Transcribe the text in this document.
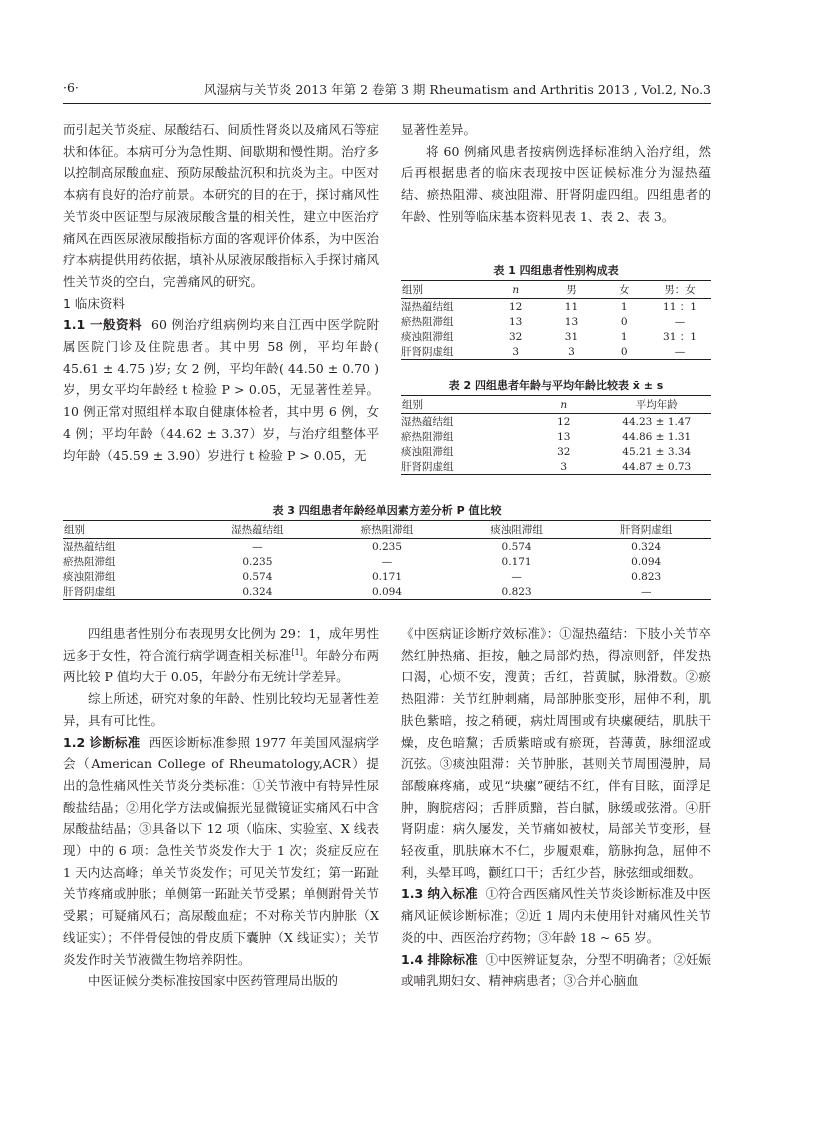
·6·	风湿病与关节炎 2013 年第 2 卷第 3 期 Rheumatism and Arthritis 2013 , Vol.2, No.3

而引起关节炎症、尿酸结石、间质性肾炎以及痛风石等症状和体征。本病可分为急性期、间歇期和慢性期。治疗多以控制高尿酸血症、预防尿酸盐沉积和抗炎为主。中医对本病有良好的治疗前景。本研究的目的在于，探讨痛风性关节炎中医证型与尿液尿酸含量的相关性，建立中医治疗痛风在西医尿液尿酸指标方面的客观评价体系，为中医治疗本病提供用药依据，填补从尿液尿酸指标入手探讨痛风性关节炎的空白，完善痛风的研究。

1 临床资料

1.1 一般资料 60 例治疗组病例均来自江西中医学院附属医院门诊及住院患者。其中男 58 例，平均年龄( 45.61 ± 4.75 )岁; 女 2 例，平均年龄( 44.50 ± 0.70 )岁，男女平均年龄经 t 检验 P > 0.05，无显著性差异。10 例正常对照组样本取自健康体检者，其中男 6 例，女 4 例；平均年龄（44.62 ± 3.37）岁，与治疗组整体平均年龄（45.59 ± 3.90）岁进行 t 检验 P > 0.05，无

显著性差异。

将 60 例痛风患者按病例选择标准纳入治疗组，然后再根据患者的临床表现按中医证候标准分为湿热蕴结、瘀热阻滞、痰浊阻滞、肝肾阴虚四组。四组患者的年龄、性别等临床基本资料见表 1、表 2、表 3。

表 1 四组患者性别构成表
组别	n	男	女	男：女
湿热蕴结组	12	11	1	11 ：1
瘀热阻滞组	13	13	0	—
痰浊阻滞组	32	31	1	31 ：1
肝肾阴虚组	3	3	0	—
表 2 四组患者年龄与平均年龄比较表 x̄ ± s
组别	n	平均年龄
湿热蕴结组	12	44.23 ± 1.47
瘀热阻滞组	13	44.86 ± 1.31
痰浊阻滞组	32	45.21 ± 3.34
肝肾阴虚组	3	44.87 ± 0.73
表 3 四组患者年龄经单因素方差分析 P 值比较
组别	湿热蕴结组	瘀热阻滞组	痰浊阻滞组	肝肾阴虚组
湿热蕴结组	—	0.235	0.574	0.324
瘀热阻滞组	0.235	—	0.171	0.094
痰浊阻滞组	0.574	0.171	—	0.823
肝肾阴虚组	0.324	0.094	0.823	—

四组患者性别分布表现男女比例为 29：1，成年男性远多于女性，符合流行病学调查相关标准[1]。年龄分布两两比较 P 值均大于 0.05，年龄分布无统计学差异。

综上所述，研究对象的年龄、性别比较均无显著性差异，具有可比性。

1.2 诊断标准 西医诊断标准参照 1977 年美国风湿病学会（American College of Rheumatology,ACR）提出的急性痛风性关节炎分类标准：①关节液中有特异性尿酸盐结晶；②用化学方法或偏振光显微镜证实痛风石中含尿酸盐结晶；③具备以下 12 项（临床、实验室、X 线表现）中的 6 项：急性关节炎发作大于 1 次；炎症反应在 1 天内达高峰；单关节炎发作；可见关节发红；第一跖趾关节疼痛或肿胀；单侧第一跖趾关节受累；单侧跗骨关节受累；可疑痛风石；高尿酸血症；不对称关节内肿胀（X 线证实）；不伴骨侵蚀的骨皮质下囊肿（X 线证实）；关节炎发作时关节液微生物培养阴性。

中医证候分类标准按国家中医药管理局出版的

《中医病证诊断疗效标准》：①湿热蕴结：下肢小关节卒然红肿热痛、拒按，触之局部灼热，得凉则舒，伴发热口渴，心烦不安，溲黄；舌红，苔黄腻，脉滑数。②瘀热阻滞：关节红肿刺痛，局部肿胀变形，屈伸不利，肌肤色紫暗，按之稍硬，病灶周围或有块瘰硬结，肌肤干燥，皮色暗黧；舌质紫暗或有瘀斑，苔薄黄，脉细涩或沉弦。③痰浊阻滞：关节肿胀，甚则关节周围漫肿，局部酸麻疼痛，或见“块瘰”硬结不红，伴有目眩，面浮足肿，胸脘痞闷；舌胖质黯，苔白腻，脉缓或弦滑。④肝肾阴虚：病久屡发，关节痛如被杖，局部关节变形，昼轻夜重，肌肤麻木不仁，步履艰难，筋脉拘急，屈伸不利，头晕耳鸣，颧红口干；舌红少苔，脉弦细或细数。

1.3 纳入标准 ①符合西医痛风性关节炎诊断标准及中医痛风证候诊断标准；②近 1 周内未使用针对痛风性关节炎的中、西医治疗药物；③年龄 18 ~ 65 岁。

1.4 排除标准 ①中医辨证复杂，分型不明确者；②妊娠或哺乳期妇女、精神病患者；③合并心脑血
